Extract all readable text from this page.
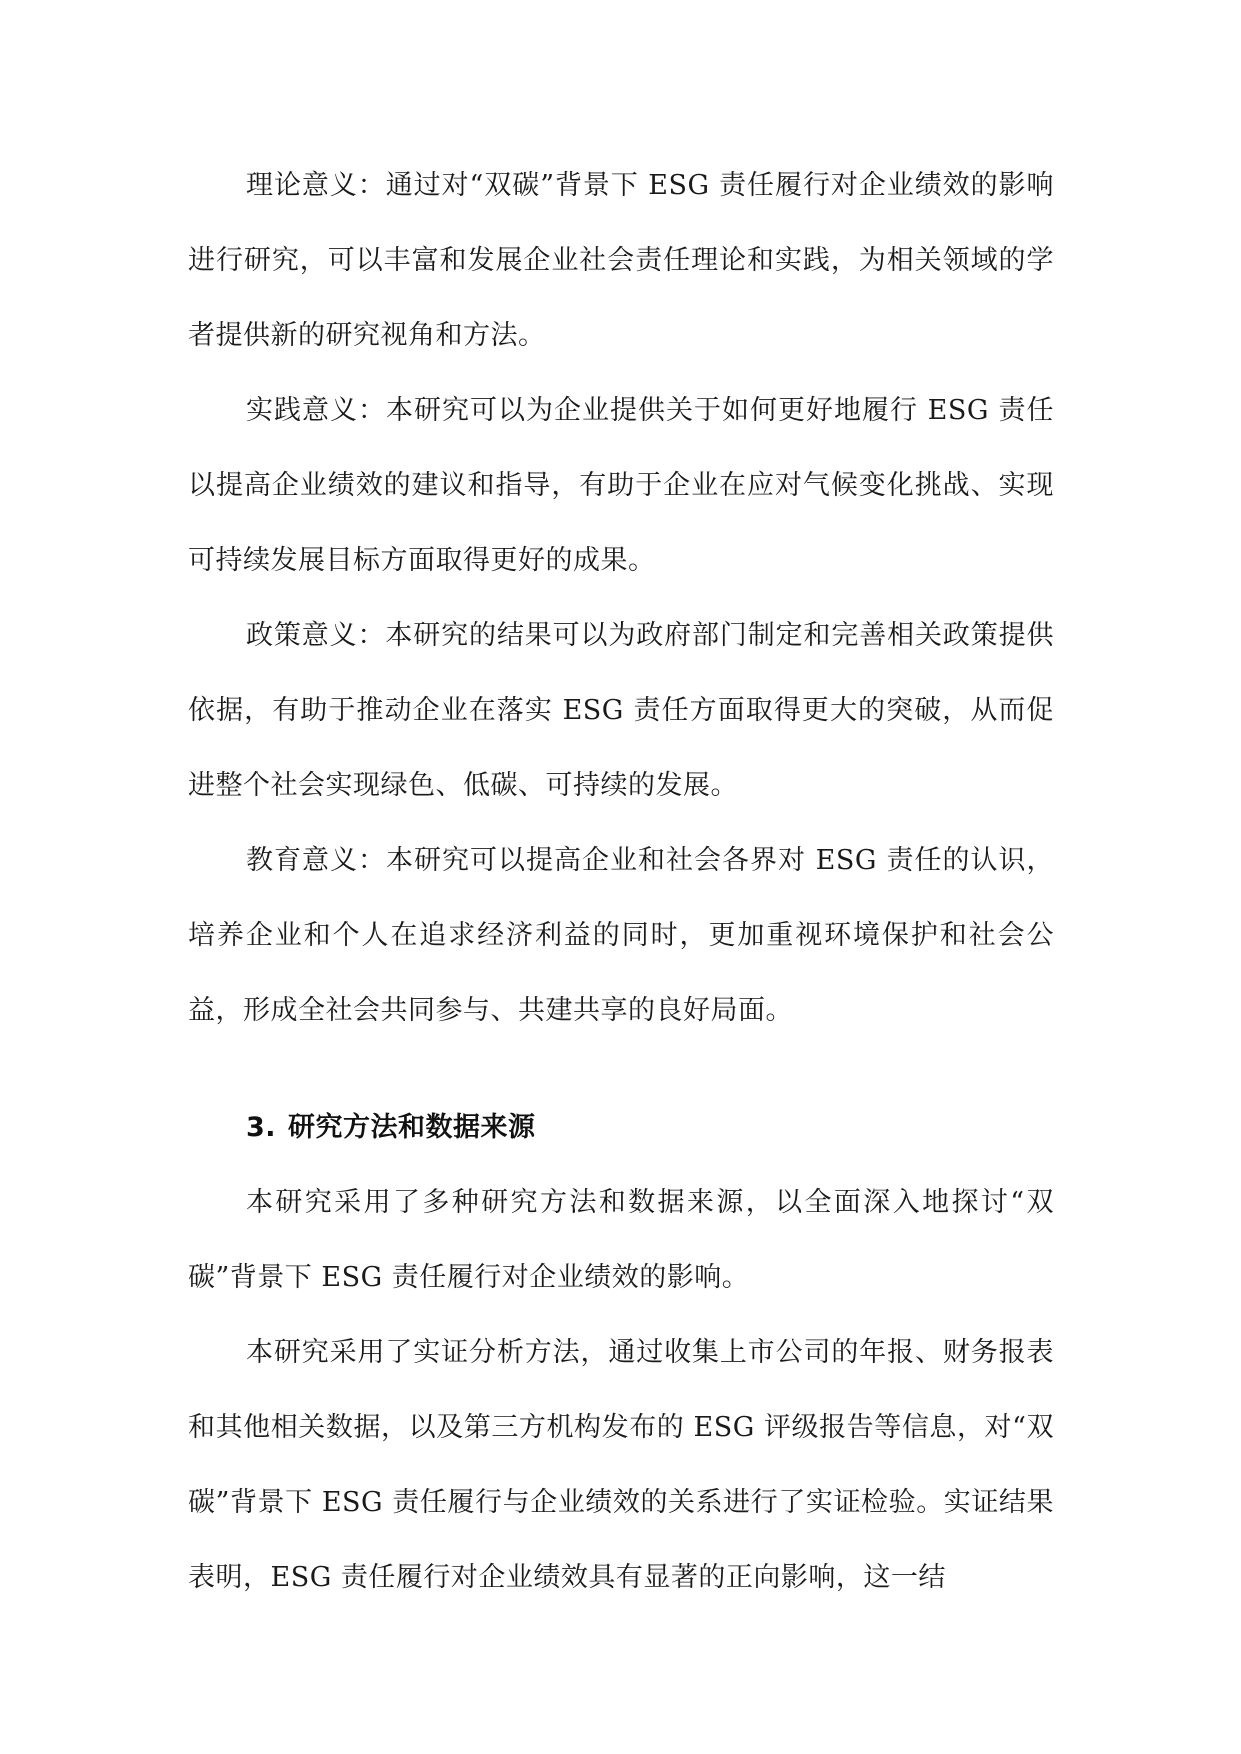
理论意义：通过对“双碳”背景下 ESG 责任履行对企业绩效的影响进行研究，可以丰富和发展企业社会责任理论和实践，为相关领域的学者提供新的研究视角和方法。

实践意义：本研究可以为企业提供关于如何更好地履行 ESG 责任以提高企业绩效的建议和指导，有助于企业在应对气候变化挑战、实现可持续发展目标方面取得更好的成果。

政策意义：本研究的结果可以为政府部门制定和完善相关政策提供依据，有助于推动企业在落实 ESG 责任方面取得更大的突破，从而促进整个社会实现绿色、低碳、可持续的发展。

教育意义：本研究可以提高企业和社会各界对 ESG 责任的认识，培养企业和个人在追求经济利益的同时，更加重视环境保护和社会公益，形成全社会共同参与、共建共享的良好局面。

3. 研究方法和数据来源

本研究采用了多种研究方法和数据来源，以全面深入地探讨“双碳”背景下 ESG 责任履行对企业绩效的影响。

本研究采用了实证分析方法，通过收集上市公司的年报、财务报表和其他相关数据，以及第三方机构发布的 ESG 评级报告等信息，对“双碳”背景下 ESG 责任履行与企业绩效的关系进行了实证检验。实证结果表明，ESG 责任履行对企业绩效具有显著的正向影响，这一结
